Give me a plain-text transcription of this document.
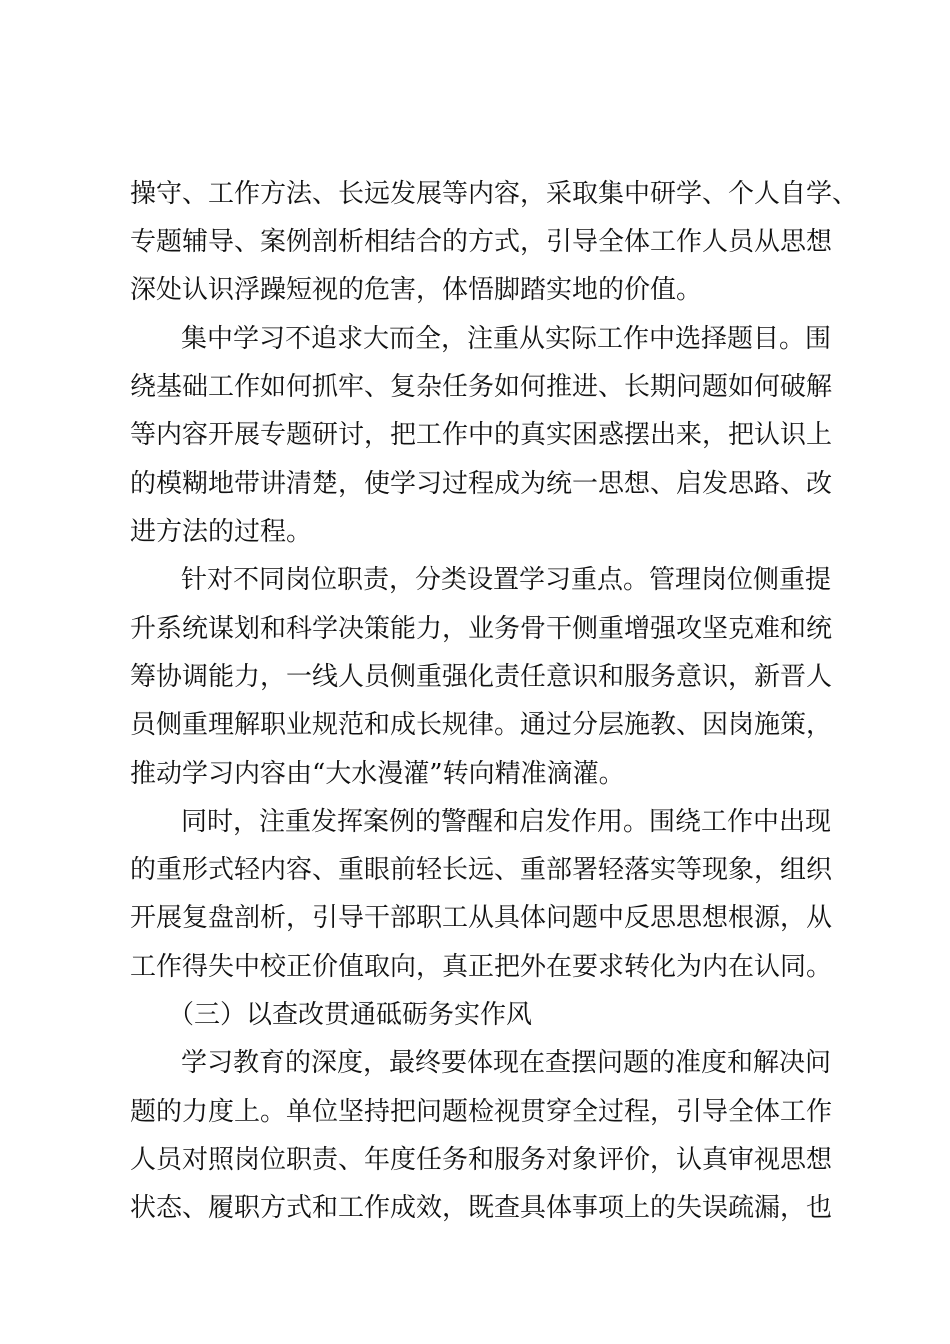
操守、工作方法、长远发展等内容，采取集中研学、个人自学、

专题辅导、案例剖析相结合的方式，引导全体工作人员从思想

深处认识浮躁短视的危害，体悟脚踏实地的价值。

集中学习不追求大而全，注重从实际工作中选择题目。围

绕基础工作如何抓牢、复杂任务如何推进、长期问题如何破解

等内容开展专题研讨，把工作中的真实困惑摆出来，把认识上

的模糊地带讲清楚，使学习过程成为统一思想、启发思路、改

进方法的过程。

针对不同岗位职责，分类设置学习重点。管理岗位侧重提

升系统谋划和科学决策能力，业务骨干侧重增强攻坚克难和统

筹协调能力，一线人员侧重强化责任意识和服务意识，新晋人

员侧重理解职业规范和成长规律。通过分层施教、因岗施策，

推动学习内容由“大水漫灌”转向精准滴灌。

同时，注重发挥案例的警醒和启发作用。围绕工作中出现

的重形式轻内容、重眼前轻长远、重部署轻落实等现象，组织

开展复盘剖析，引导干部职工从具体问题中反思思想根源，从

工作得失中校正价值取向，真正把外在要求转化为内在认同。

（三）以查改贯通砥砺务实作风

学习教育的深度，最终要体现在查摆问题的准度和解决问

题的力度上。单位坚持把问题检视贯穿全过程，引导全体工作

人员对照岗位职责、年度任务和服务对象评价，认真审视思想

状态、履职方式和工作成效，既查具体事项上的失误疏漏，也
